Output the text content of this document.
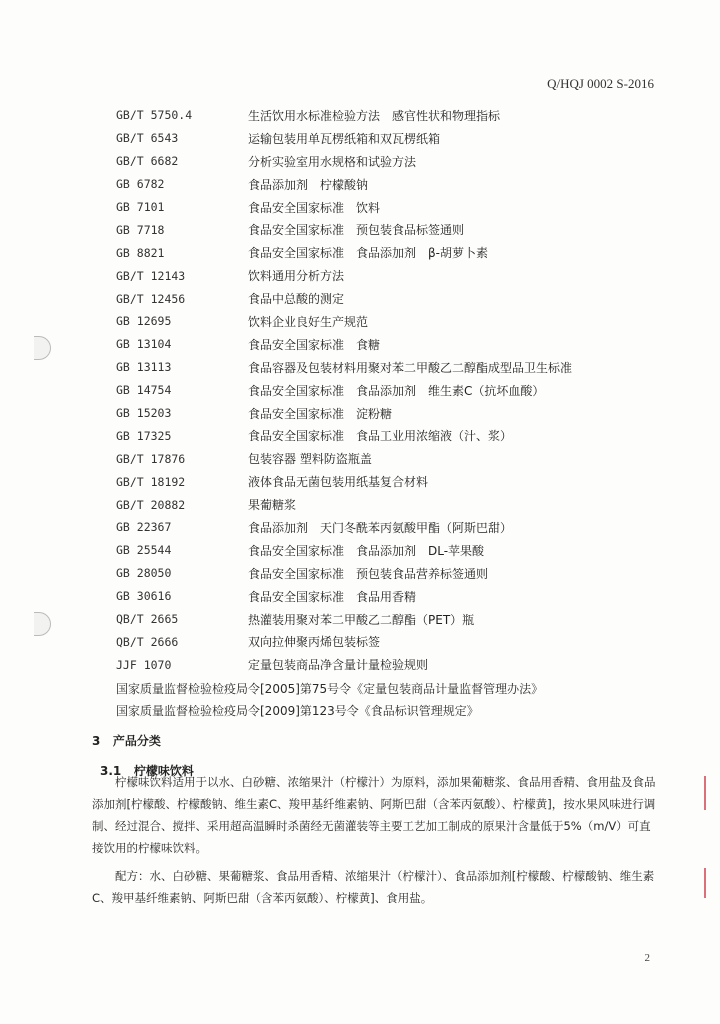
Q/HQJ 0002 S-2016
GB/T 5750.4	生活饮用水标准检验方法　感官性状和物理指标
GB/T 6543	运输包装用单瓦楞纸箱和双瓦楞纸箱
GB/T 6682	分析实验室用水规格和试验方法
GB 6782	食品添加剂　柠檬酸钠
GB 7101	食品安全国家标准　饮料
GB 7718	食品安全国家标准　预包装食品标签通则
GB 8821	食品安全国家标准　食品添加剂　β-胡萝卜素
GB/T 12143	饮料通用分析方法
GB/T 12456	食品中总酸的测定
GB 12695	饮料企业良好生产规范
GB 13104	食品安全国家标准　食糖
GB 13113	食品容器及包装材料用聚对苯二甲酸乙二醇酯成型品卫生标准
GB 14754	食品安全国家标准　食品添加剂　维生素C（抗坏血酸）
GB 15203	食品安全国家标准　淀粉糖
GB 17325	食品安全国家标准　食品工业用浓缩液（汁、浆）
GB/T 17876	包装容器 塑料防盗瓶盖
GB/T 18192	液体食品无菌包装用纸基复合材料
GB/T 20882	果葡糖浆
GB 22367	食品添加剂　天门冬酰苯丙氨酸甲酯（阿斯巴甜）
GB 25544	食品安全国家标准　食品添加剂　DL-苹果酸
GB 28050	食品安全国家标准　预包装食品营养标签通则
GB 30616	食品安全国家标准　食品用香精
QB/T 2665	热灌装用聚对苯二甲酸乙二醇酯（PET）瓶
QB/T 2666	双向拉伸聚丙烯包装标签
JJF 1070	定量包装商品净含量计量检验规则
国家质量监督检验检疫局令[2005]第75号令《定量包装商品计量监督管理办法》
国家质量监督检验检疫局令[2009]第123号令《食品标识管理规定》
3 产品分类
3.1 柠檬味饮料

柠檬味饮料适用于以水、白砂糖、浓缩果汁（柠檬汁）为原料，添加果葡糖浆、食品用香精、食用盐及食品添加剂[柠檬酸、柠檬酸钠、维生素C、羧甲基纤维素钠、阿斯巴甜（含苯丙氨酸）、柠檬黄]，按水果风味进行调制、经过混合、搅拌、采用超高温瞬时杀菌经无菌灌装等主要工艺加工制成的原果汁含量低于5%（m/V）可直接饮用的柠檬味饮料。

配方：水、白砂糖、果葡糖浆、食品用香精、浓缩果汁（柠檬汁）、食品添加剂[柠檬酸、柠檬酸钠、维生素C、羧甲基纤维素钠、阿斯巴甜（含苯丙氨酸）、柠檬黄]、食用盐。

2
